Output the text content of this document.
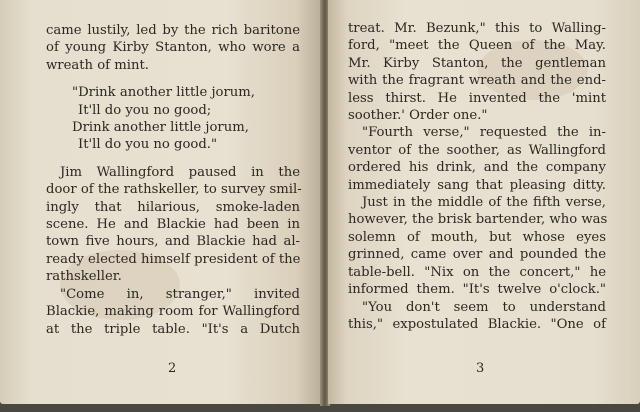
came lustily, led by the rich baritone
of young Kirby Stanton, who wore a
wreath of mint.
"Drink another little jorum,
It'll do you no good;
Drink another little jorum,
It'll do you no good."
Jim Wallingford paused in the
door of the rathskeller, to survey smil-
ingly that hilarious, smoke-laden
scene. He and Blackie had been in
town five hours, and Blackie had al-
ready elected himself president of the
rathskeller.
"Come in, stranger," invited
Blackie, making room for Wallingford
at the triple table. "It's a Dutch
2
treat. Mr. Bezunk," this to Walling-
ford, "meet the Queen of the May.
Mr. Kirby Stanton, the gentleman
with the fragrant wreath and the end-
less thirst. He invented the 'mint
soother.' Order one."
"Fourth verse," requested the in-
ventor of the soother, as Wallingford
ordered his drink, and the company
immediately sang that pleasing ditty.
Just in the middle of the fifth verse,
however, the brisk bartender, who was
solemn of mouth, but whose eyes
grinned, came over and pounded the
table-bell. "Nix on the concert," he
informed them. "It's twelve o'clock."
"You don't seem to understand
this," expostulated Blackie. "One of
3
